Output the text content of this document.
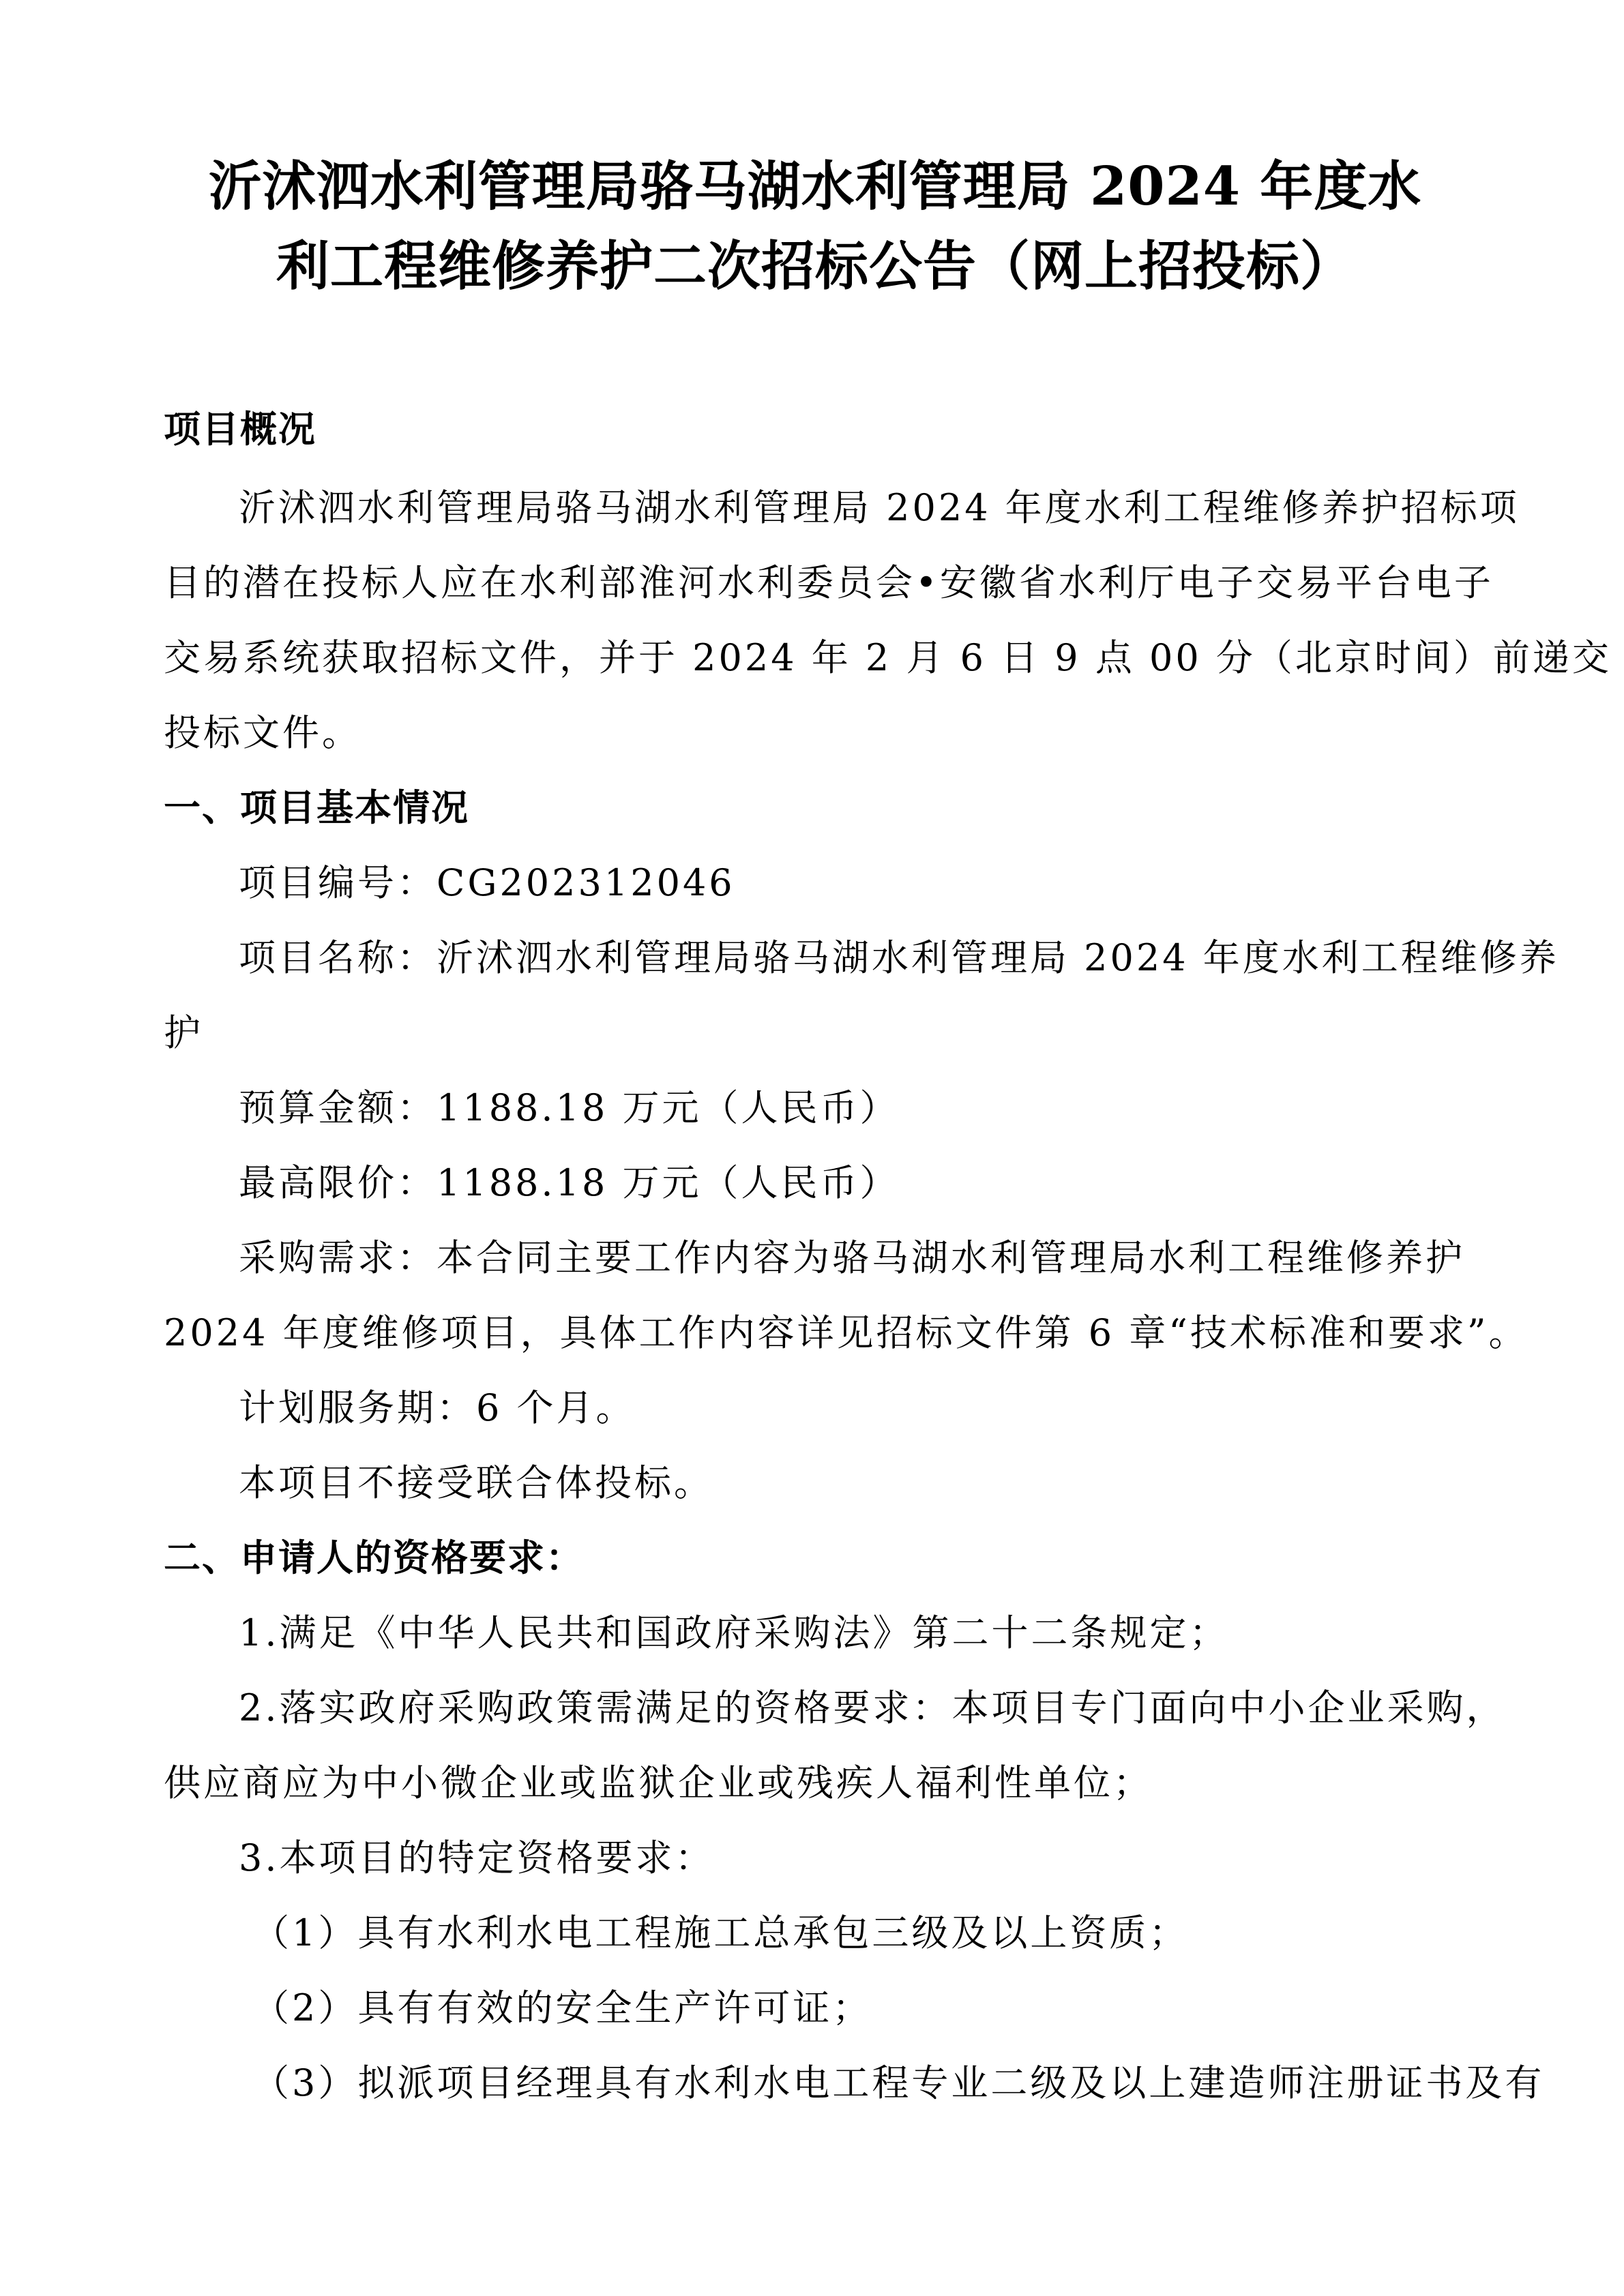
沂沭泗水利管理局骆马湖水利管理局 2024 年度水
利工程维修养护二次招标公告（网上招投标）
项目概况
沂沭泗水利管理局骆马湖水利管理局 2024 年度水利工程维修养护招标项
目的潜在投标人应在水利部淮河水利委员会•安徽省水利厅电子交易平台电子
交易系统获取招标文件，并于 2024 年 2 月 6 日 9 点 00 分（北京时间）前递交
投标文件。
一、项目基本情况
项目编号：CG202312046
项目名称：沂沭泗水利管理局骆马湖水利管理局 2024 年度水利工程维修养
护
预算金额：1188.18 万元（人民币）
最高限价：1188.18 万元（人民币）
采购需求：本合同主要工作内容为骆马湖水利管理局水利工程维修养护
2024 年度维修项目，具体工作内容详见招标文件第 6 章“技术标准和要求”。
计划服务期：6 个月。
本项目不接受联合体投标。
二、申请人的资格要求：
1.满足《中华人民共和国政府采购法》第二十二条规定；
2.落实政府采购政策需满足的资格要求：本项目专门面向中小企业采购，
供应商应为中小微企业或监狱企业或残疾人福利性单位；
3.本项目的特定资格要求：
（1）具有水利水电工程施工总承包三级及以上资质；
（2）具有有效的安全生产许可证；
（3）拟派项目经理具有水利水电工程专业二级及以上建造师注册证书及有
